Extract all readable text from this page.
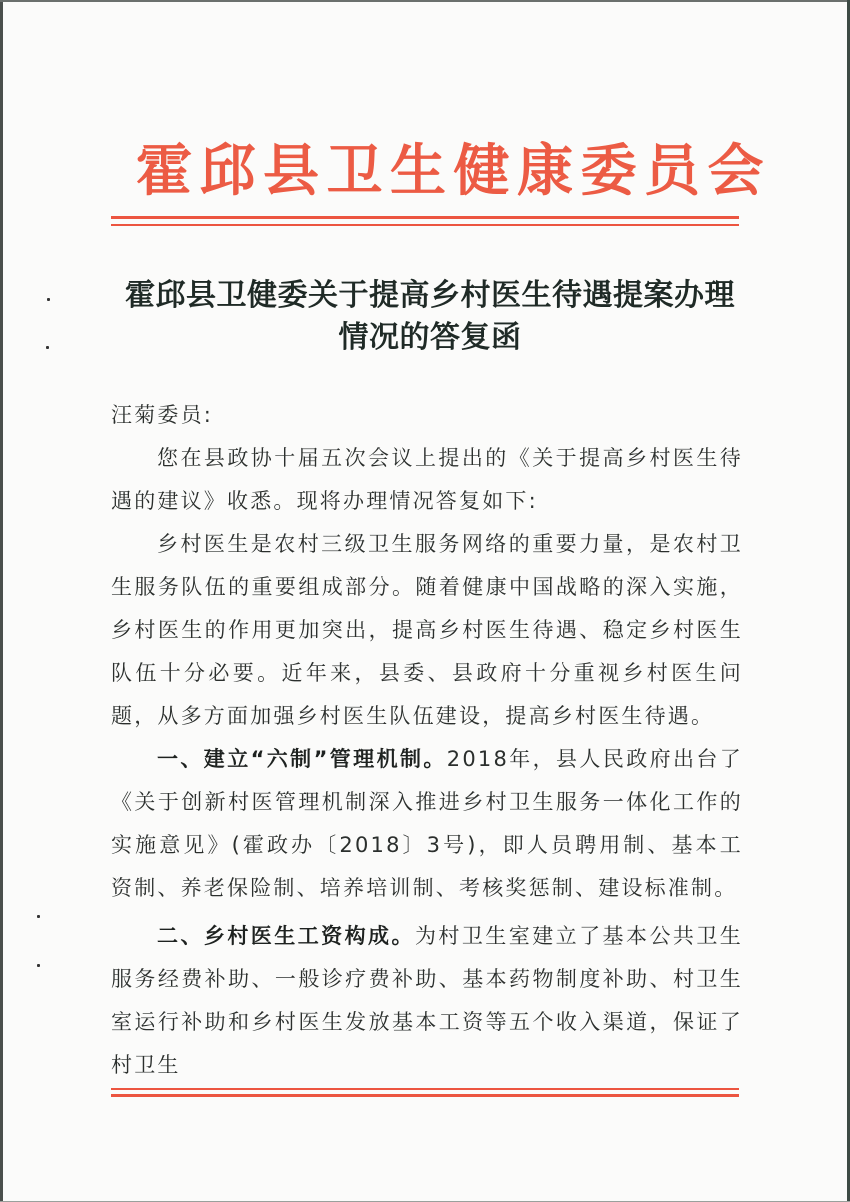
霍邱县卫生健康委员会
霍邱县卫健委关于提高乡村医生待遇提案办理
情况的答复函

汪菊委员:

您在县政协十届五次会议上提出的《关于提高乡村医生待遇的建议》收悉。现将办理情况答复如下:

乡村医生是农村三级卫生服务网络的重要力量，是农村卫生服务队伍的重要组成部分。随着健康中国战略的深入实施，乡村医生的作用更加突出，提高乡村医生待遇、稳定乡村医生队伍十分必要。近年来，县委、县政府十分重视乡村医生问题，从多方面加强乡村医生队伍建设，提高乡村医生待遇。

一、建立“六制”管理机制。2018年，县人民政府出台了《关于创新村医管理机制深入推进乡村卫生服务一体化工作的实施意见》(霍政办〔2018〕3号)，即人员聘用制、基本工资制、养老保险制、培养培训制、考核奖惩制、建设标准制。

二、乡村医生工资构成。为村卫生室建立了基本公共卫生服务经费补助、一般诊疗费补助、基本药物制度补助、村卫生室运行补助和乡村医生发放基本工资等五个收入渠道，保证了村卫生
